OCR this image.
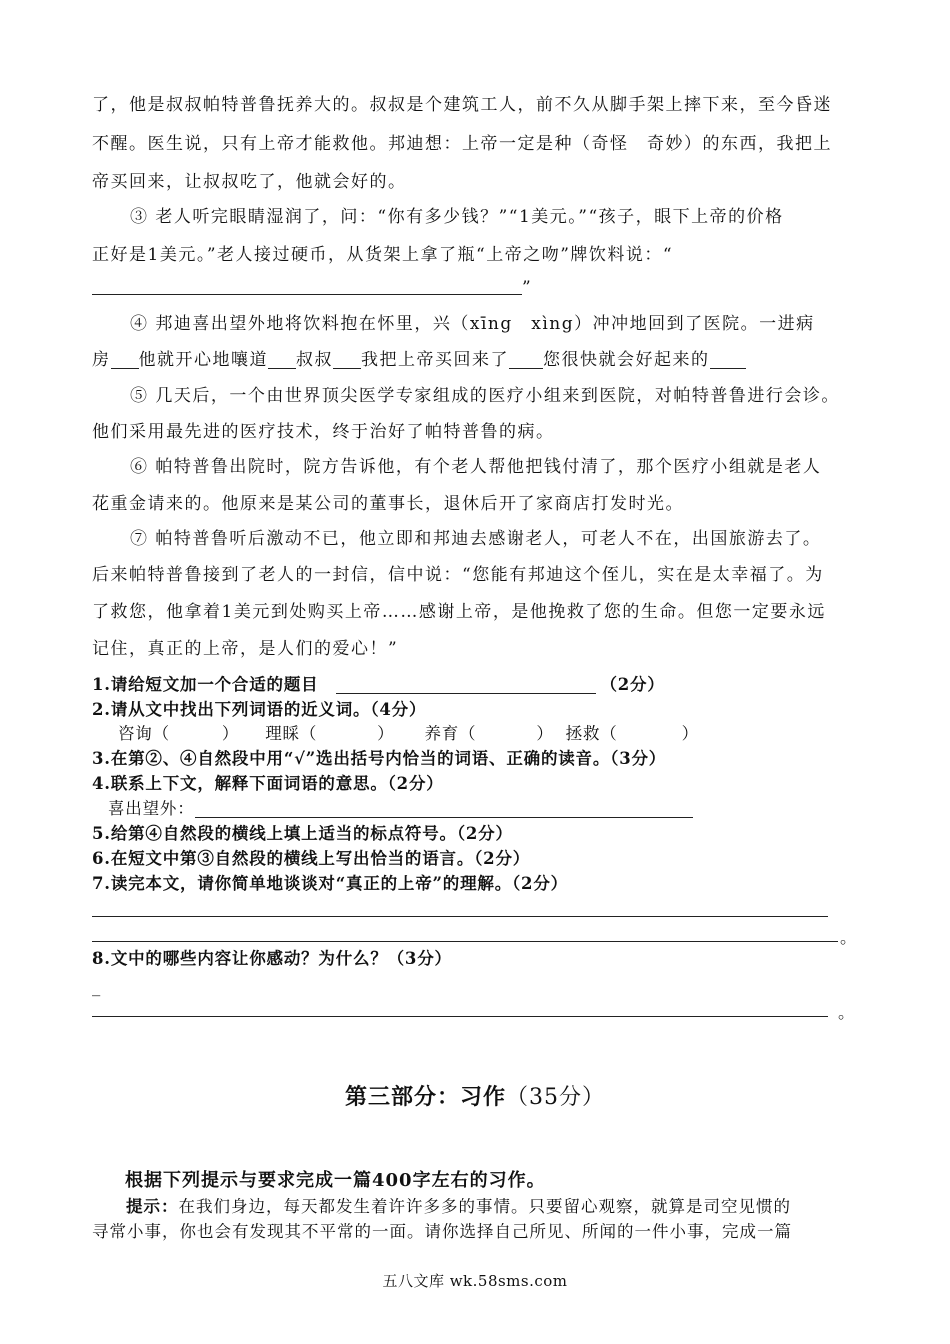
了，他是叔叔帕特普鲁抚养大的。叔叔是个建筑工人，前不久从脚手架上摔下来，至今昏迷
不醒。医生说，只有上帝才能救他。邦迪想：上帝一定是种（奇怪　奇妙）的东西，我把上
帝买回来，让叔叔吃了，他就会好的。
③ 老人听完眼睛湿润了，问：“你有多少钱？”“1美元。”“孩子，眼下上帝的价格
正好是1美元。”老人接过硬币，从货架上拿了瓶“上帝之吻”牌饮料说：“
”
④ 邦迪喜出望外地将饮料抱在怀里，兴（xīng　xìng）冲冲地回到了医院。一进病
房 他就开心地嚷道 叔叔 我把上帝买回来了 您很快就会好起来的
⑤ 几天后，一个由世界顶尖医学专家组成的医疗小组来到医院，对帕特普鲁进行会诊。
他们采用最先进的医疗技术，终于治好了帕特普鲁的病。
⑥ 帕特普鲁出院时，院方告诉他，有个老人帮他把钱付清了，那个医疗小组就是老人
花重金请来的。他原来是某公司的董事长，退休后开了家商店打发时光。
⑦ 帕特普鲁听后激动不已，他立即和邦迪去感谢老人，可老人不在，出国旅游去了。
后来帕特普鲁接到了老人的一封信，信中说：“您能有邦迪这个侄儿，实在是太幸福了。为
了救您，他拿着1美元到处购买上帝……感谢上帝，是他挽救了您的生命。但您一定要永远
记住，真正的上帝，是人们的爱心！”
1.请给短文加一个合适的题目	（2分）
2.请从文中找出下列词语的近义词。（4分）
咨询（	） 理睬（	） 养育（	） 拯救（	）
3.在第②、④自然段中用“√”选出括号内恰当的词语、正确的读音。（3分）
4.联系上下文，解释下面词语的意思。（2分）
喜出望外：
5.给第④自然段的横线上填上适当的标点符号。（2分）
6.在短文中第③自然段的横线上写出恰当的语言。（2分）
7.读完本文，请你简单地谈谈对“真正的上帝”的理解。（2分）
。
8.文中的哪些内容让你感动？为什么？（3分）
_
。
第三部分：习作（35分）
根据下列提示与要求完成一篇400字左右的习作。
提示：在我们身边，每天都发生着许许多多的事情。只要留心观察，就算是司空见惯的
寻常小事，你也会有发现其不平常的一面。请你选择自己所见、所闻的一件小事，完成一篇
五八文库 wk.58sms.com
